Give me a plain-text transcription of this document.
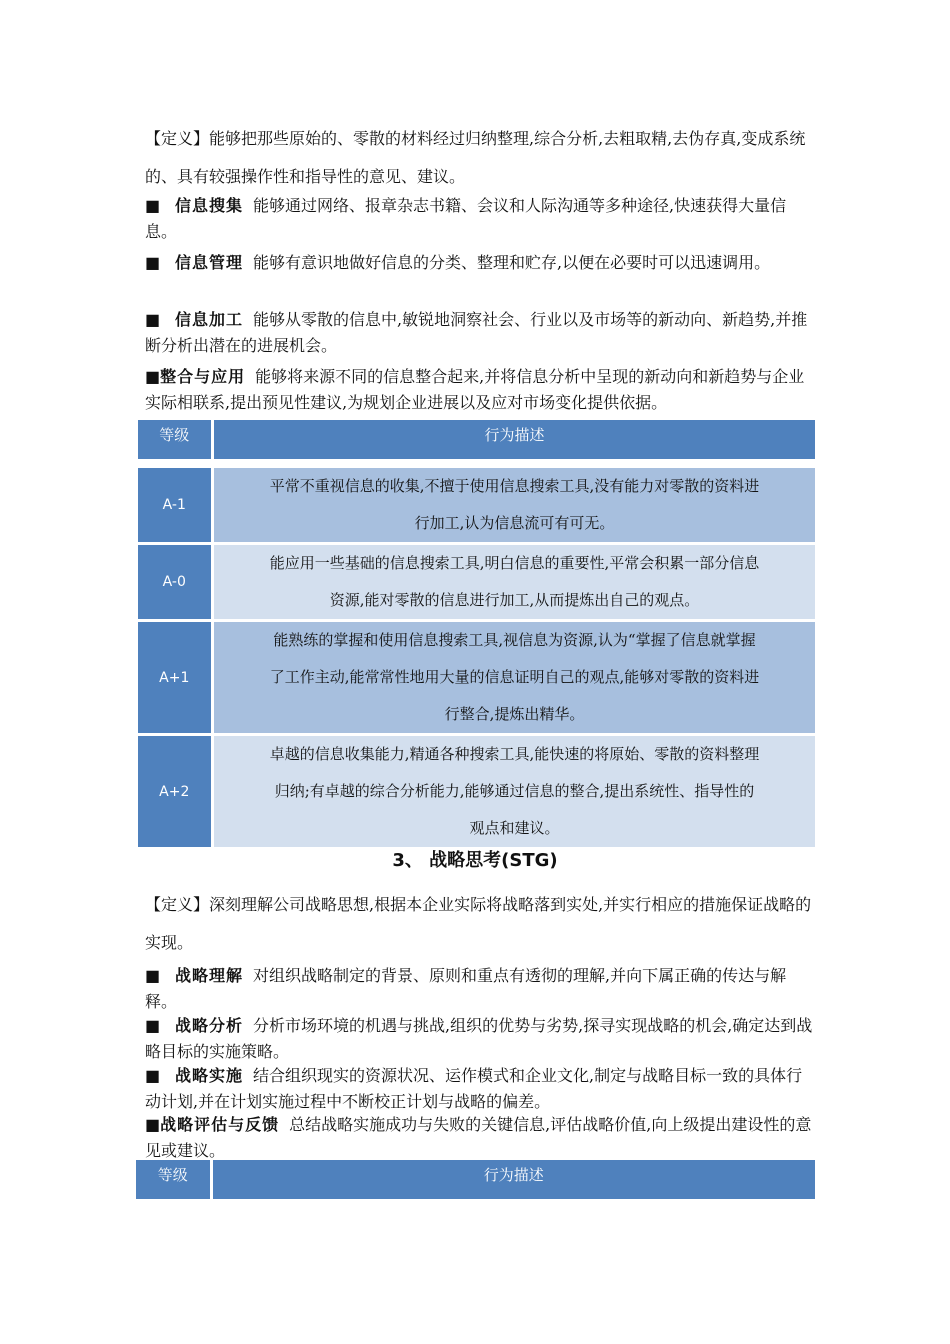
【定义】能够把那些原始的、零散的材料经过归纳整理,综合分析,去粗取精,去伪存真,变成系统的、具有较强操作性和指导性的意见、建议。
■ 信息搜集 能够通过网络、报章杂志书籍、会议和人际沟通等多种途径,快速获得大量信息。
■ 信息管理 能够有意识地做好信息的分类、整理和贮存,以便在必要时可以迅速调用。
■ 信息加工 能够从零散的信息中,敏锐地洞察社会、行业以及市场等的新动向、新趋势,并推断分析出潜在的进展机会。
■整合与应用 能够将来源不同的信息整合起来,并将信息分析中呈现的新动向和新趋势与企业实际相联系,提出预见性建议,为规划企业进展以及应对市场变化提供依据。
等级	行为描述

A-1	平常不重视信息的收集,不擅于使用信息搜索工具,没有能力对零散的资料进
行加工,认为信息流可有可无。

A-0	能应用一些基础的信息搜索工具,明白信息的重要性,平常会积累一部分信息
资源,能对零散的信息进行加工,从而提炼出自己的观点。

A+1	能熟练的掌握和使用信息搜索工具,视信息为资源,认为“掌握了信息就掌握
了工作主动,能常常性地用大量的信息证明自己的观点,能够对零散的资料进
行整合,提炼出精华。

A+2	卓越的信息收集能力,精通各种搜索工具,能快速的将原始、零散的资料整理
归纳;有卓越的综合分析能力,能够通过信息的整合,提出系统性、指导性的
观点和建议。
3、 战略思考(STG)
【定义】深刻理解公司战略思想,根据本企业实际将战略落到实处,并实行相应的措施保证战略的实现。
■ 战略理解 对组织战略制定的背景、原则和重点有透彻的理解,并向下属正确的传达与解释。
■ 战略分析 分析市场环境的机遇与挑战,组织的优势与劣势,探寻实现战略的机会,确定达到战略目标的实施策略。
■ 战略实施 结合组织现实的资源状况、运作模式和企业文化,制定与战略目标一致的具体行动计划,并在计划实施过程中不断校正计划与战略的偏差。
■战略评估与反馈 总结战略实施成功与失败的关键信息,评估战略价值,向上级提出建设性的意见或建议。
等级	行为描述
